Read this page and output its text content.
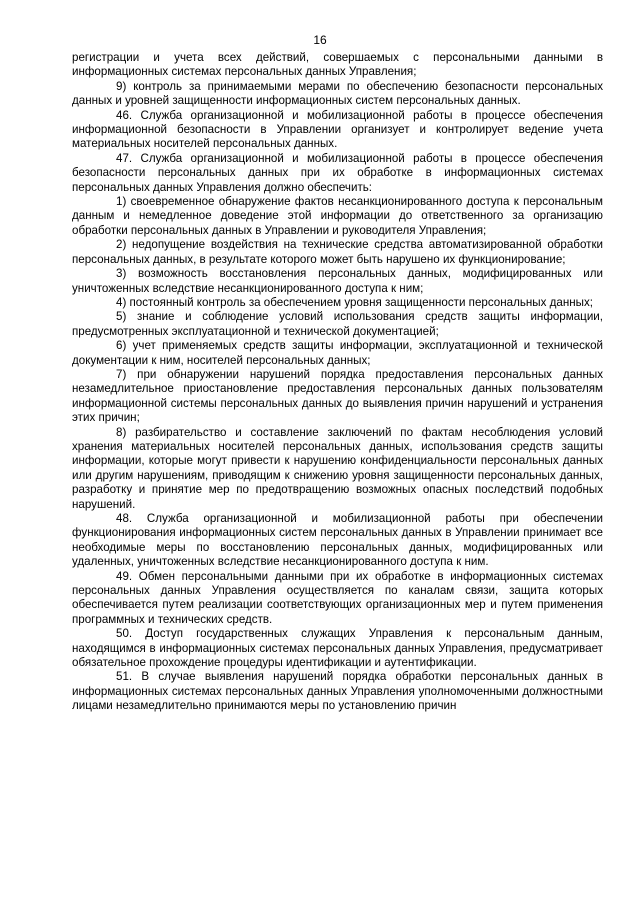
16

регистрации и учета всех действий, совершаемых с персональными данными в информационных системах персональных данных Управления;

9) контроль за принимаемыми мерами по обеспечению безопасности персональных данных и уровней защищенности информационных систем персональных данных.

46. Служба организационной и мобилизационной работы в процессе обеспечения информационной безопасности в Управлении организует и контролирует ведение учета материальных носителей персональных данных.

47. Служба организационной и мобилизационной работы в процессе обеспечения безопасности персональных данных при их обработке в информационных системах персональных данных Управления должно обеспечить:

1) своевременное обнаружение фактов несанкционированного доступа к персональным данным и немедленное доведение этой информации до ответственного за организацию обработки персональных данных в Управлении и руководителя Управления;

2) недопущение воздействия на технические средства автоматизированной обработки персональных данных, в результате которого может быть нарушено их функционирование;

3) возможность восстановления персональных данных, модифицированных или уничтоженных вследствие несанкционированного доступа к ним;

4) постоянный контроль за обеспечением уровня защищенности персональных данных;

5) знание и соблюдение условий использования средств защиты информации, предусмотренных эксплуатационной и технической документацией;

6) учет применяемых средств защиты информации, эксплуатационной и технической документации к ним, носителей персональных данных;

7) при обнаружении нарушений порядка предоставления персональных данных незамедлительное приостановление предоставления персональных данных пользователям информационной системы персональных данных до выявления причин нарушений и устранения этих причин;

8) разбирательство и составление заключений по фактам несоблюдения условий хранения материальных носителей персональных данных, использования средств защиты информации, которые могут привести к нарушению конфиденциальности персональных данных или другим нарушениям, приводящим к снижению уровня защищенности персональных данных, разработку и принятие мер по предотвращению возможных опасных последствий подобных нарушений.

48. Служба организационной и мобилизационной работы при обеспечении функционирования информационных систем персональных данных в Управлении принимает все необходимые меры по восстановлению персональных данных, модифицированных или удаленных, уничтоженных вследствие несанкционированного доступа к ним.

49. Обмен персональными данными при их обработке в информационных системах персональных данных Управления осуществляется по каналам связи, защита которых обеспечивается путем реализации соответствующих организационных мер и путем применения программных и технических средств.

50. Доступ государственных служащих Управления к персональным данным, находящимся в информационных системах персональных данных Управления, предусматривает обязательное прохождение процедуры идентификации и аутентификации.

51. В случае выявления нарушений порядка обработки персональных данных в информационных системах персональных данных Управления уполномоченными должностными лицами незамедлительно принимаются меры по установлению причин
